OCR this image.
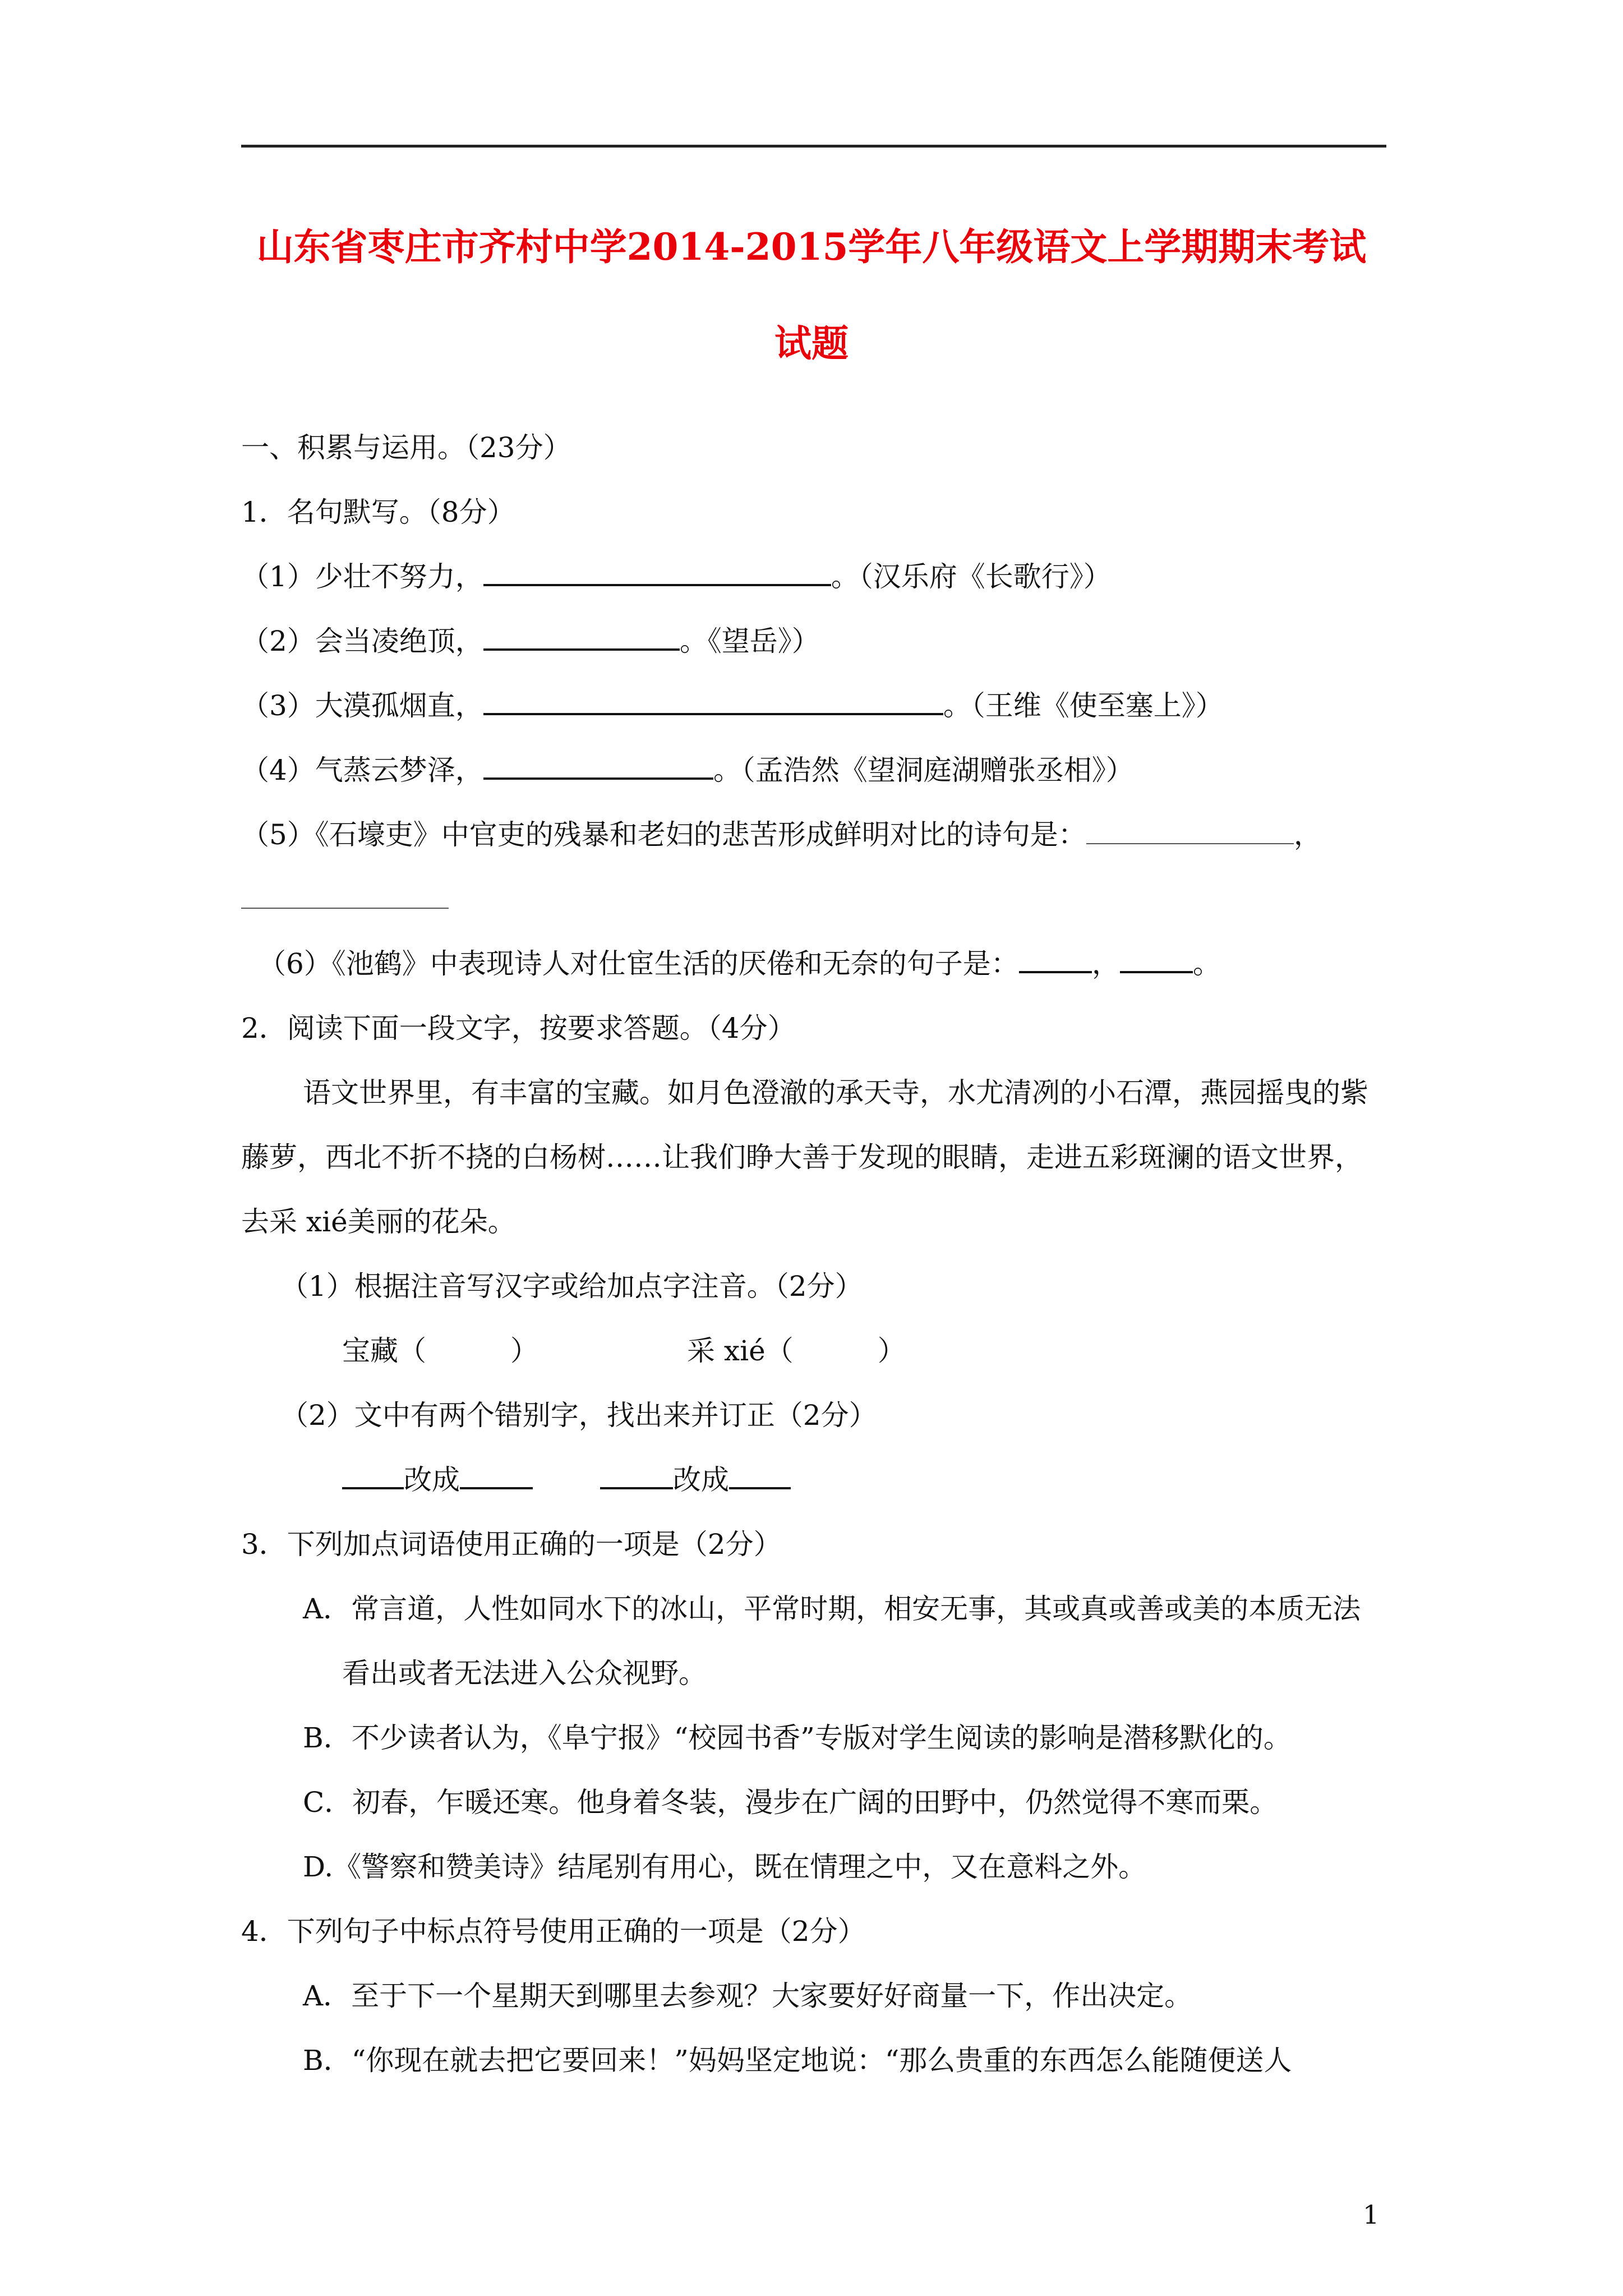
山东省枣庄市齐村中学2014-2015学年八年级语文上学期期末考试
试题
一、积累与运用。（23分）
1．名句默写。（8分）
（1）少壮不努力，	。（汉乐府《长歌行》）
（2）会当凌绝顶，	。《望岳》）
（3）大漠孤烟直，	。（王维《使至塞上》）
（4）气蒸云梦泽，	。（孟浩然《望洞庭湖赠张丞相》）
（5）《石壕吏》中官吏的残暴和老妇的悲苦形成鲜明对比的诗句是：	，
（6）《池鹤》中表现诗人对仕宦生活的厌倦和无奈的句子是：	，	。
2．阅读下面一段文字，按要求答题。（4分）
语文世界里，有丰富的宝藏。如月色澄澈的承天寺，水尤清冽的小石潭，燕园摇曳的紫
藤萝，西北不折不挠的白杨树……让我们睁大善于发现的眼睛，走进五彩斑澜的语文世界，
去采 xié美丽的花朵。
（1）根据注音写汉字或给加点字注音。（2分）
宝藏（	）	采 xié（	）
（2）文中有两个错别字，找出来并订正（2分）
改成	改成
3．下列加点词语使用正确的一项是（2分）
A．常言道，人性如同水下的冰山，平常时期，相安无事，其或真或善或美的本质无法
看出或者无法进入公众视野。
B．不少读者认为，《阜宁报》“校园书香”专版对学生阅读的影响是潜移默化的。
C．初春，乍暖还寒。他身着冬装，漫步在广阔的田野中，仍然觉得不寒而栗。
D.《警察和赞美诗》结尾别有用心，既在情理之中，又在意料之外。
4．下列句子中标点符号使用正确的一项是（2分）
A．至于下一个星期天到哪里去参观？大家要好好商量一下，作出决定。
B．“你现在就去把它要回来！”妈妈坚定地说：“那么贵重的东西怎么能随便送人
1
